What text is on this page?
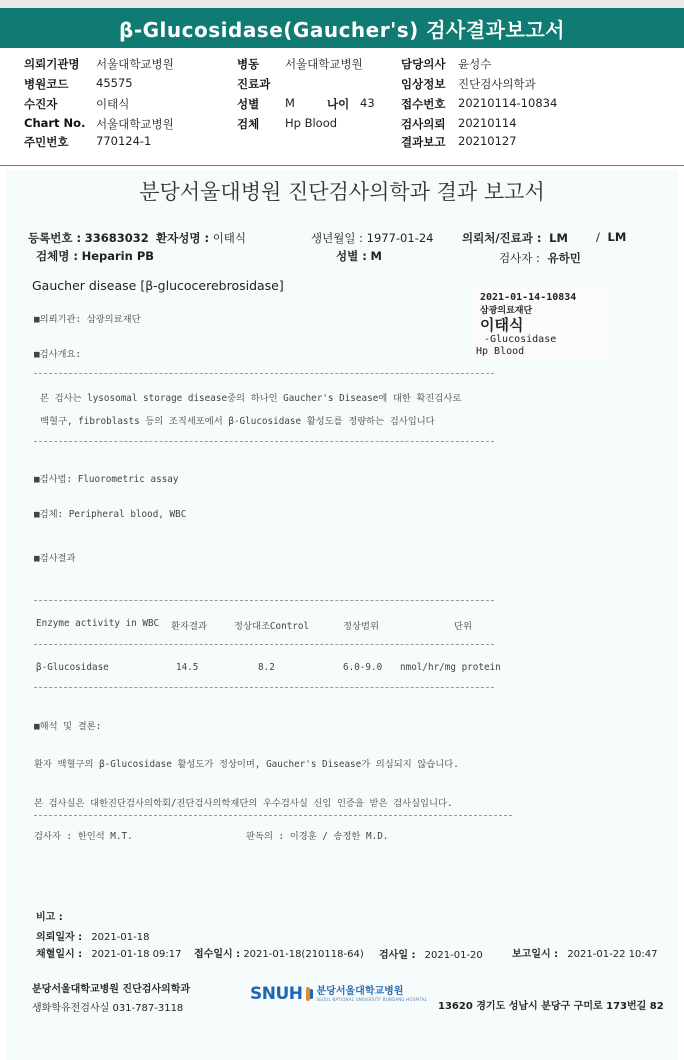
β-Glucosidase(Gaucher's) 검사결과보고서
의뢰기관명 서울대학교병원	병동 서울대학교병원	담당의사 윤성수
병원코드 45575	진료과	임상정보 진단검사의학과
수진자	이태식	성별 M	나이 43 접수번호 20210114-10834
Chart No. 서울대학교병원	검체 Hp Blood	검사의뢰 20210114
주민번호 770124-1	결과보고 20210127
분당서울대병원 진단검사의학과 결과 보고서
등록번호 : 33683032 환자성명 : 이태식	생년월일 : 1977-01-24 의뢰처/진료과 : LM / LM
검체명 : Heparin PB	성별 : M	검사자 : 유하민
Gaucher disease [β-glucocerebrosidase]
2021-01-14-10834
삼광의료재단
이태식
-Glucosidase
Hp Blood
■의뢰기관: 삼광의료재단
■검사개요:
본 검사는 lysosomal storage disease중의 하나인 Gaucher's Disease에 대한 확진검사로
백혈구, fibroblasts 등의 조직세포에서 β-Glucosidase 활성도를 정량하는 검사입니다
■검사법: Fluorometric assay
■검체: Peripheral blood, WBC
■검사결과
Enzyme activity in WBC 환자결과	정상대조Control	정상범위	단위
β-Glucosidase	14.5	8.2	6.0-9.0 nmol/hr/mg protein
■해석 및 결론:
환자 백혈구의 β-Glucosidase 활성도가 정상이며, Gaucher's Disease가 의심되지 않습니다.
본 검사실은 대한진단검사의학회/진단검사의학재단의 우수검사실 신임 인증을 받은 검사실입니다.
검사자 : 한인석 M.T.	판독의 : 이경훈 / 송정한 M.D.
비고 :
의뢰일자 : 2021-01-18
채혈일시 : 2021-01-18 09:17 접수일시 : 2021-01-18(210118-64) 검사일 : 2021-01-20	보고일시 : 2021-01-22 10:47
분당서울대학교병원 진단검사의학과
생화학유전검사실 031-787-3118
SNUH 분당서울대학교병원
SEOUL NATIONAL UNIVERSITY BUNDANG HOSPITAL
13620 경기도 성남시 분당구 구미로 173번길 82
